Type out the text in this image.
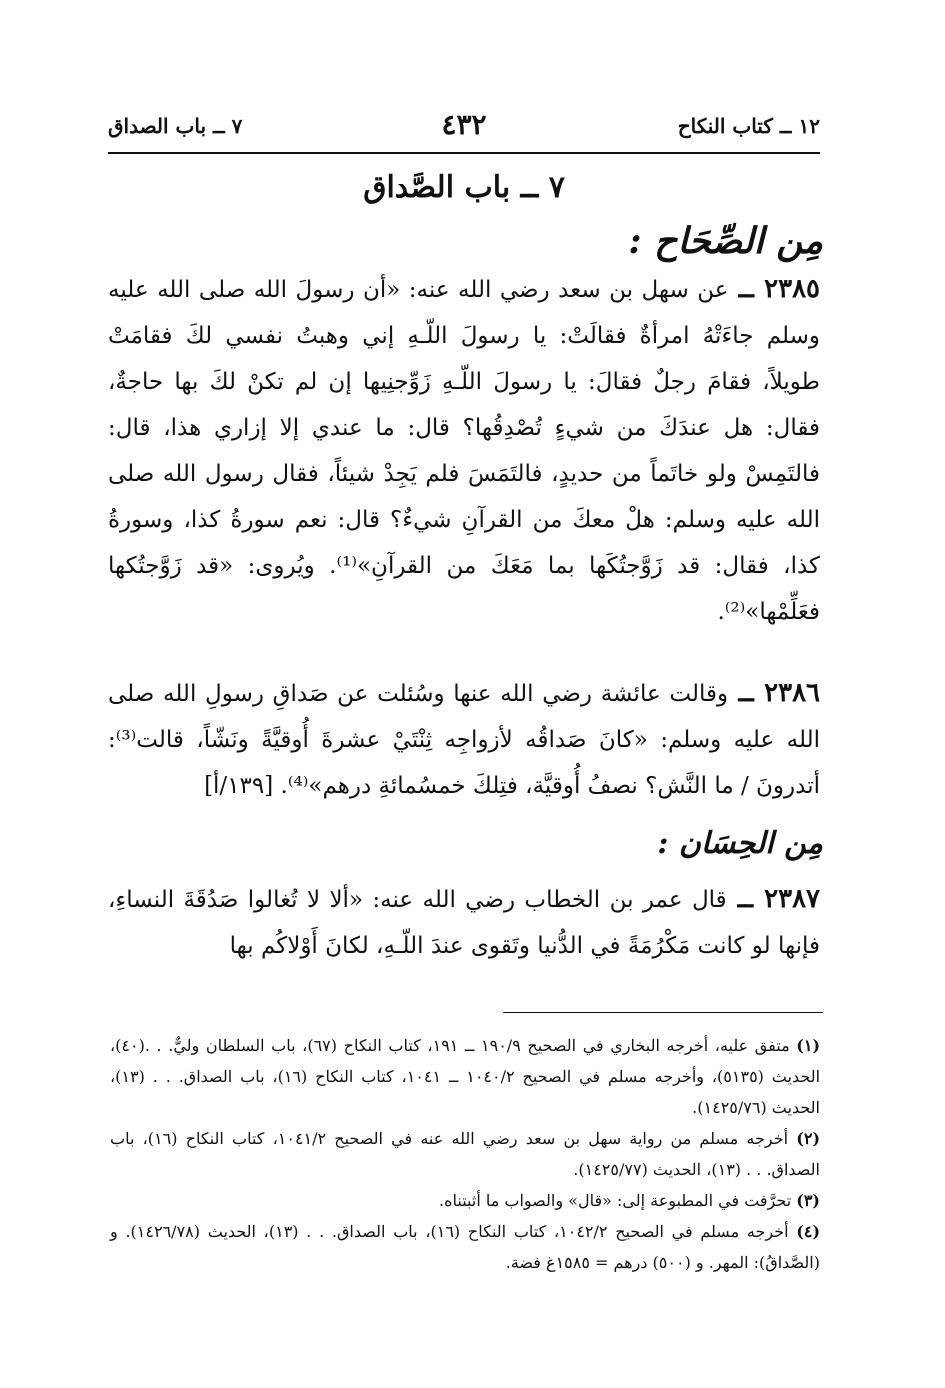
١٢ ــ كتاب النكاح
٤٣٢
٧ ــ باب الصداق
٧ ــ باب الصَّداق
مِن الصِّحَاح :
٢٣٨٥ ــ عن سهل بن سعد رضي الله عنه: «أن رسولَ الله صلى الله عليه وسلم جاءَتْهُ امرأةٌ فقالَتْ: يا رسولَ اللّـهِ إني وهبتُ نفسي لكَ فقامَتْ طويلاً، فقامَ رجلٌ فقالَ: يا رسولَ اللّـهِ زَوِّجنِيها إن لم تكنْ لكَ بها حاجةٌ، فقال: هل عندَكَ من شيءٍ تُصْدِقُها؟ قال: ما عندي إلا إزاري هذا، قال: فالتَمِسْ ولو خاتَماً من حديدٍ، فالتَمَسَ فلم يَجِدْ شيئاً، فقال رسول الله صلى الله عليه وسلم: هلْ معكَ من القرآنِ شيءٌ؟ قال: نعم سورةُ كذا، وسورةُ كذا، فقال: قد زَوَّجتُكَها بما مَعَكَ من القرآنِ»⁽¹⁾. ويُروى: «قد زَوَّجتُكها فعَلِّمْها»⁽²⁾.
٢٣٨٦ ــ وقالت عائشة رضي الله عنها وسُئلت عن صَداقِ رسولِ الله صلى الله عليه وسلم: «كانَ صَداقُه لأزواجِه ثِنْتَيْ عشرةَ أُوقيَّةً ونَشّاً، قالت⁽³⁾: أتدرونَ / ما النَّش؟ نصفُ أُوقيَّة، فتِلكَ خمسُمائةِ درهم»⁽⁴⁾. [١٣٩/أ]
مِن الحِسَان :
٢٣٨٧ ــ قال عمر بن الخطاب رضي الله عنه: «ألا لا تُغالوا صَدُقَةَ النساءِ، فإنها لو كانت مَكْرُمَةً في الدُّنيا وتَقوى عندَ اللّـهِ، لكانَ أَوْلاكُم بها

(١) متفق عليه، أخرجه البخاري في الصحيح ١٩٠/٩ ــ ١٩١، كتاب النكاح (٦٧)، باب السلطان وليٌّ. . .(٤٠)، الحديث (٥١٣٥)، وأخرجه مسلم في الصحيح ١٠٤٠/٢ ــ ١٠٤١، كتاب النكاح (١٦)، باب الصداق. . . (١٣)، الحديث (١٤٢٥/٧٦).

(٢) أخرجه مسلم من رواية سهل بن سعد رضي الله عنه في الصحيح ١٠٤١/٢، كتاب النكاح (١٦)، باب الصداق. . . (١٣)، الحديث (١٤٢٥/٧٧).

(٣) تحرَّفت في المطبوعة إلى: «قال» والصواب ما أثبتناه.

(٤) أخرجه مسلم في الصحيح ١٠٤٢/٢، كتاب النكاح (١٦)، باب الصداق. . . (١٣)، الحديث (١٤٢٦/٧٨). و (الصَّداقُ): المهر. و (٥٠٠) درهم = ١٥٨٥غ فضة.
